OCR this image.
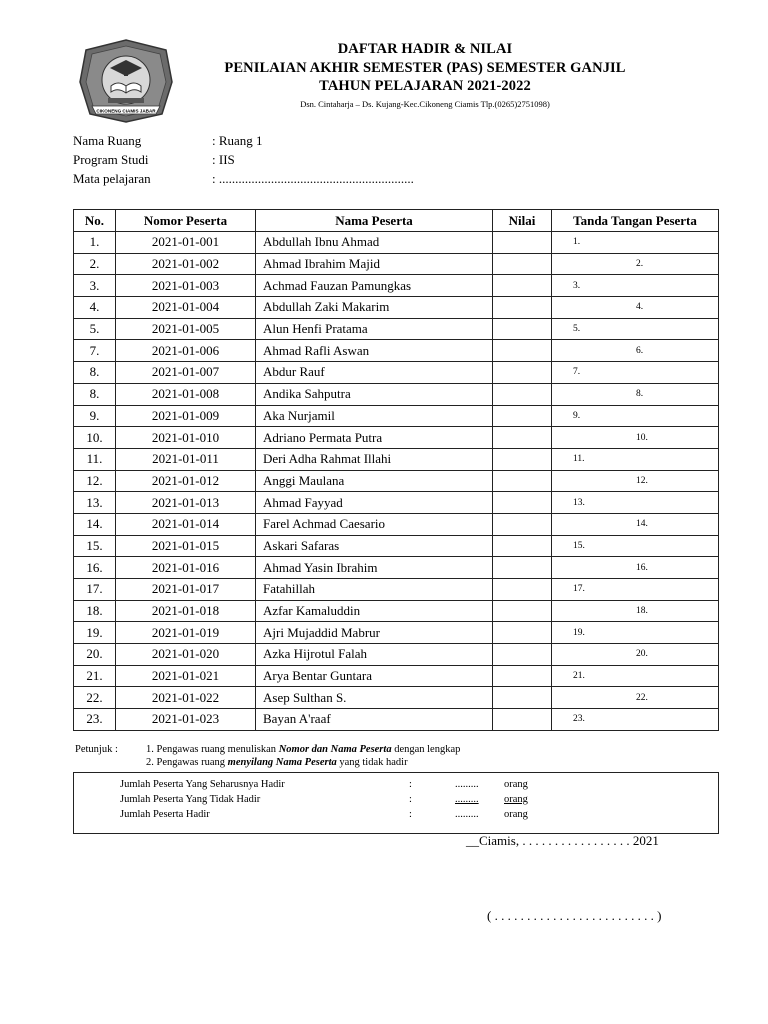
CIKONENG CIAMIS JABAR
DAFTAR HADIR & NILAI
PENILAIAN AKHIR SEMESTER (PAS) SEMESTER GANJIL
TAHUN PELAJARAN 2021-2022
Dsn. Cintaharja – Ds. Kujang-Kec.Cikoneng Ciamis Tlp.(0265)2751098)
Nama Ruang	: Ruang 1
Program Studi	: IIS
Mata pelajaran	: ............................................................
No.	Nomor Peserta	Nama Peserta	Nilai	Tanda Tangan Peserta
1.	2021-01-001	Abdullah Ibnu Ahmad		1.
2.	2021-01-002	Ahmad Ibrahim Majid		2.
3.	2021-01-003	Achmad Fauzan Pamungkas		3.
4.	2021-01-004	Abdullah Zaki Makarim		4.
5.	2021-01-005	Alun Henfi Pratama		5.
7.	2021-01-006	Ahmad Rafli Aswan		6.
8.	2021-01-007	Abdur Rauf		7.
8.	2021-01-008	Andika Sahputra		8.
9.	2021-01-009	Aka Nurjamil		9.
10.	2021-01-010	Adriano Permata Putra		10.
11.	2021-01-011	Deri Adha Rahmat Illahi		11.
12.	2021-01-012	Anggi Maulana		12.
13.	2021-01-013	Ahmad Fayyad		13.
14.	2021-01-014	Farel Achmad Caesario		14.
15.	2021-01-015	Askari Safaras		15.
16.	2021-01-016	Ahmad Yasin Ibrahim		16.
17.	2021-01-017	Fatahillah		17.
18.	2021-01-018	Azfar Kamaluddin		18.
19.	2021-01-019	Ajri Mujaddid Mabrur		19.
20.	2021-01-020	Azka Hijrotul Falah		20.
21.	2021-01-021	Arya Bentar Guntara		21.
22.	2021-01-022	Asep Sulthan S.		22.
23.	2021-01-023	Bayan A'raaf		23.
Petunjuk :	1. Pengawas ruang menuliskan Nomor dan Nama Peserta dengan lengkap
2. Pengawas ruang menyilang Nama Peserta yang tidak hadir
Jumlah Peserta Yang Seharusnya Hadir	:	......... orang
Jumlah Peserta Yang Tidak Hadir	:	......... orang
Jumlah Peserta Hadir	:	......... orang
__Ciamis, . . . . . . . . . . . . . . . . . 2021
( . . . . . . . . . . . . . . . . . . . . . . . . . )
